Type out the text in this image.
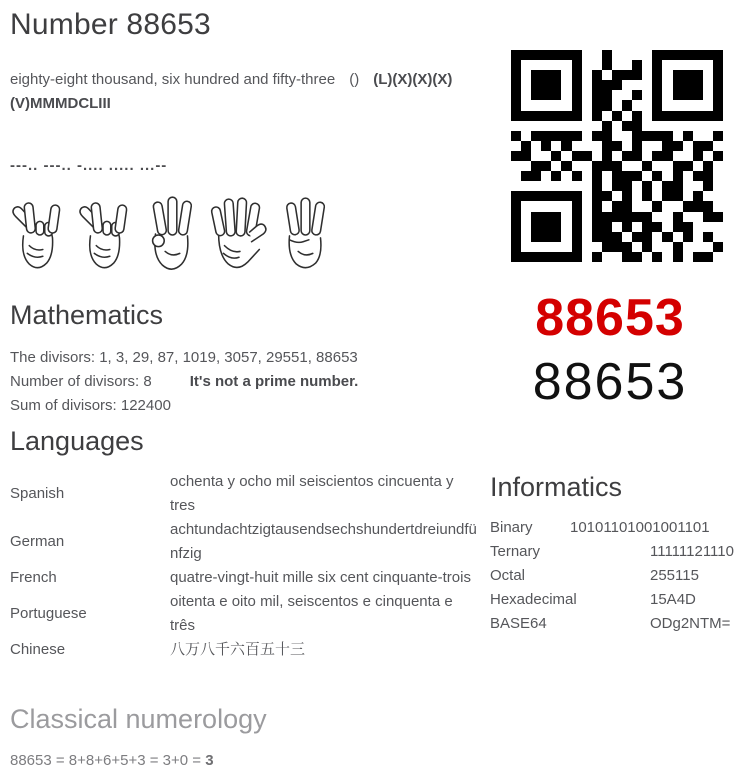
Number 88653
eighty-eight thousand, six hundred and fifty-three () (L)(X)(X)(X)(V)MMMDCLIII
---.. ---.. -.... ..... ...--
Mathematics
The divisors: 1, 3, 29, 87, 1019, 3057, 29551, 88653
Number of divisors: 8	It's not a prime number.
Sum of divisors: 122400
88653
88653
Languages
Spanish
ochenta y ocho mil seiscientos cincuenta y tres
German
achtundachtzigtausendsechshundertdreiundfünfzig
French	quatre-vingt-huit mille six cent cinquante-trois
Portuguese
oitenta e oito mil, seiscentos e cinquenta e três
Chinese	八万八千六百五十三
Informatics
Binary	10101101001001101
Ternary	11111121110
Octal	255115
Hexadecimal	15A4D
BASE64	ODg2NTM=
Classical numerology
88653 = 8+8+6+5+3 = 3+0 = 3
